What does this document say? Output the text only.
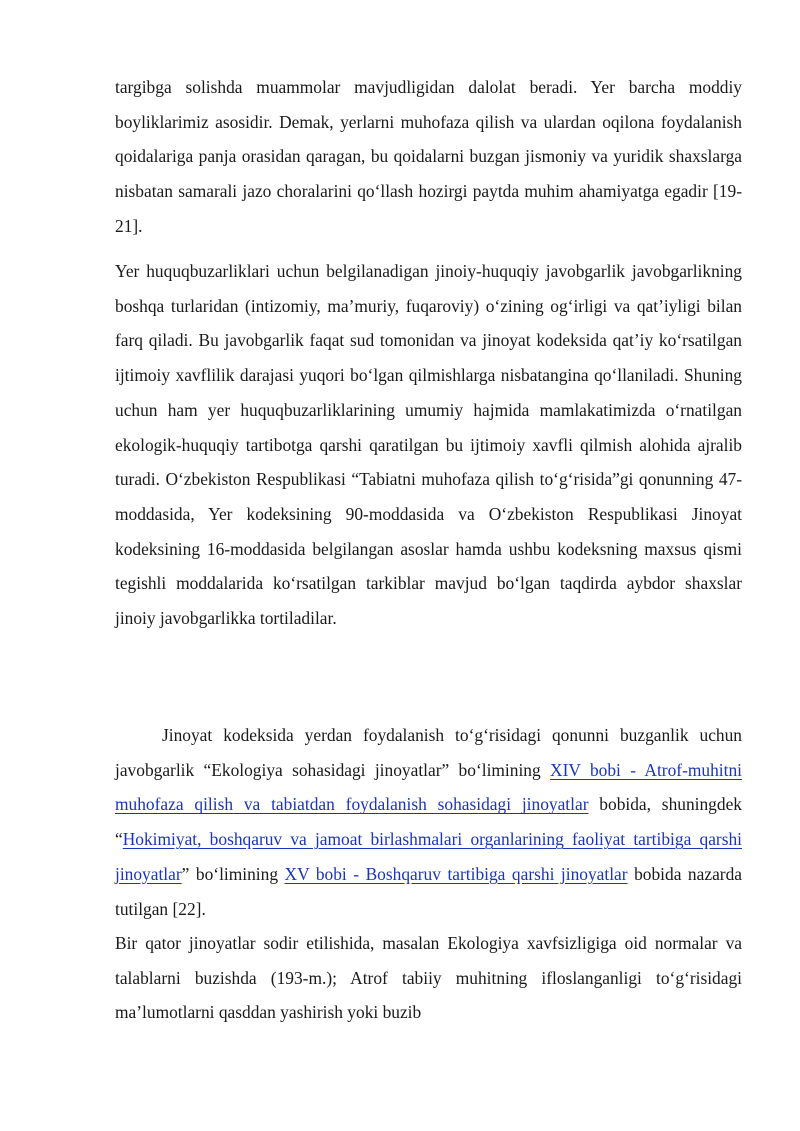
targibga solishda muammolar mavjudligidan dalolat beradi. Yer barcha moddiy boyliklarimiz asosidir. Demak, yerlarni muhofaza qilish va ulardan oqilona foydalanish qoidalariga panja orasidan qaragan, bu qoidalarni buzgan jismoniy va yuridik shaxslarga nisbatan samarali jazo choralarini qo‘llash hozirgi paytda muhim ahamiyatga egadir [19-21].

Yer huquqbuzarliklari uchun belgilanadigan jinoiy-huquqiy javobgarlik javobgarlikning boshqa turlaridan (intizomiy, ma’muriy, fuqaroviy) o‘zining og‘irligi va qat’iyligi bilan farq qiladi. Bu javobgarlik faqat sud tomonidan va jinoyat kodeksida qat’iy ko‘rsatilgan ijtimoiy xavflilik darajasi yuqori bo‘lgan qilmishlarga nisbatangina qo‘llaniladi. Shuning uchun ham yer huquqbuzarliklarining umumiy hajmida mamlakatimizda o‘rnatilgan ekologik-huquqiy tartibotga qarshi qaratilgan bu ijtimoiy xavfli qilmish alohida ajralib turadi. O‘zbekiston Respublikasi “Tabiatni muhofaza qilish to‘g‘risida”gi qonunning 47-moddasida, Yer kodeksining 90-moddasida va O‘zbekiston Respublikasi Jinoyat kodeksining 16-moddasida belgilangan asoslar hamda ushbu kodeksning maxsus qismi tegishli moddalarida ko‘rsatilgan tarkiblar mavjud bo‘lgan taqdirda aybdor shaxslar jinoiy javobgarlikka tortiladilar.

Jinoyat kodeksida yerdan foydalanish to‘g‘risidagi qonunni buzganlik uchun javobgarlik “Ekologiya sohasidagi jinoyatlar” bo‘limining XIV bobi - Atrof-muhitni muhofaza qilish va tabiatdan foydalanish sohasidagi jinoyatlar bobida, shuningdek “Hokimiyat, boshqaruv va jamoat birlashmalari organlarining faoliyat tartibiga qarshi jinoyatlar” bo‘limining XV bobi - Boshqaruv tartibiga qarshi jinoyatlar bobida nazarda tutilgan [22].

Bir qator jinoyatlar sodir etilishida, masalan Ekologiya xavfsizligiga oid normalar va talablarni buzishda (193-m.); Atrof tabiiy muhitning ifloslanganligi to‘g‘risidagi ma’lumotlarni qasddan yashirish yoki buzib
